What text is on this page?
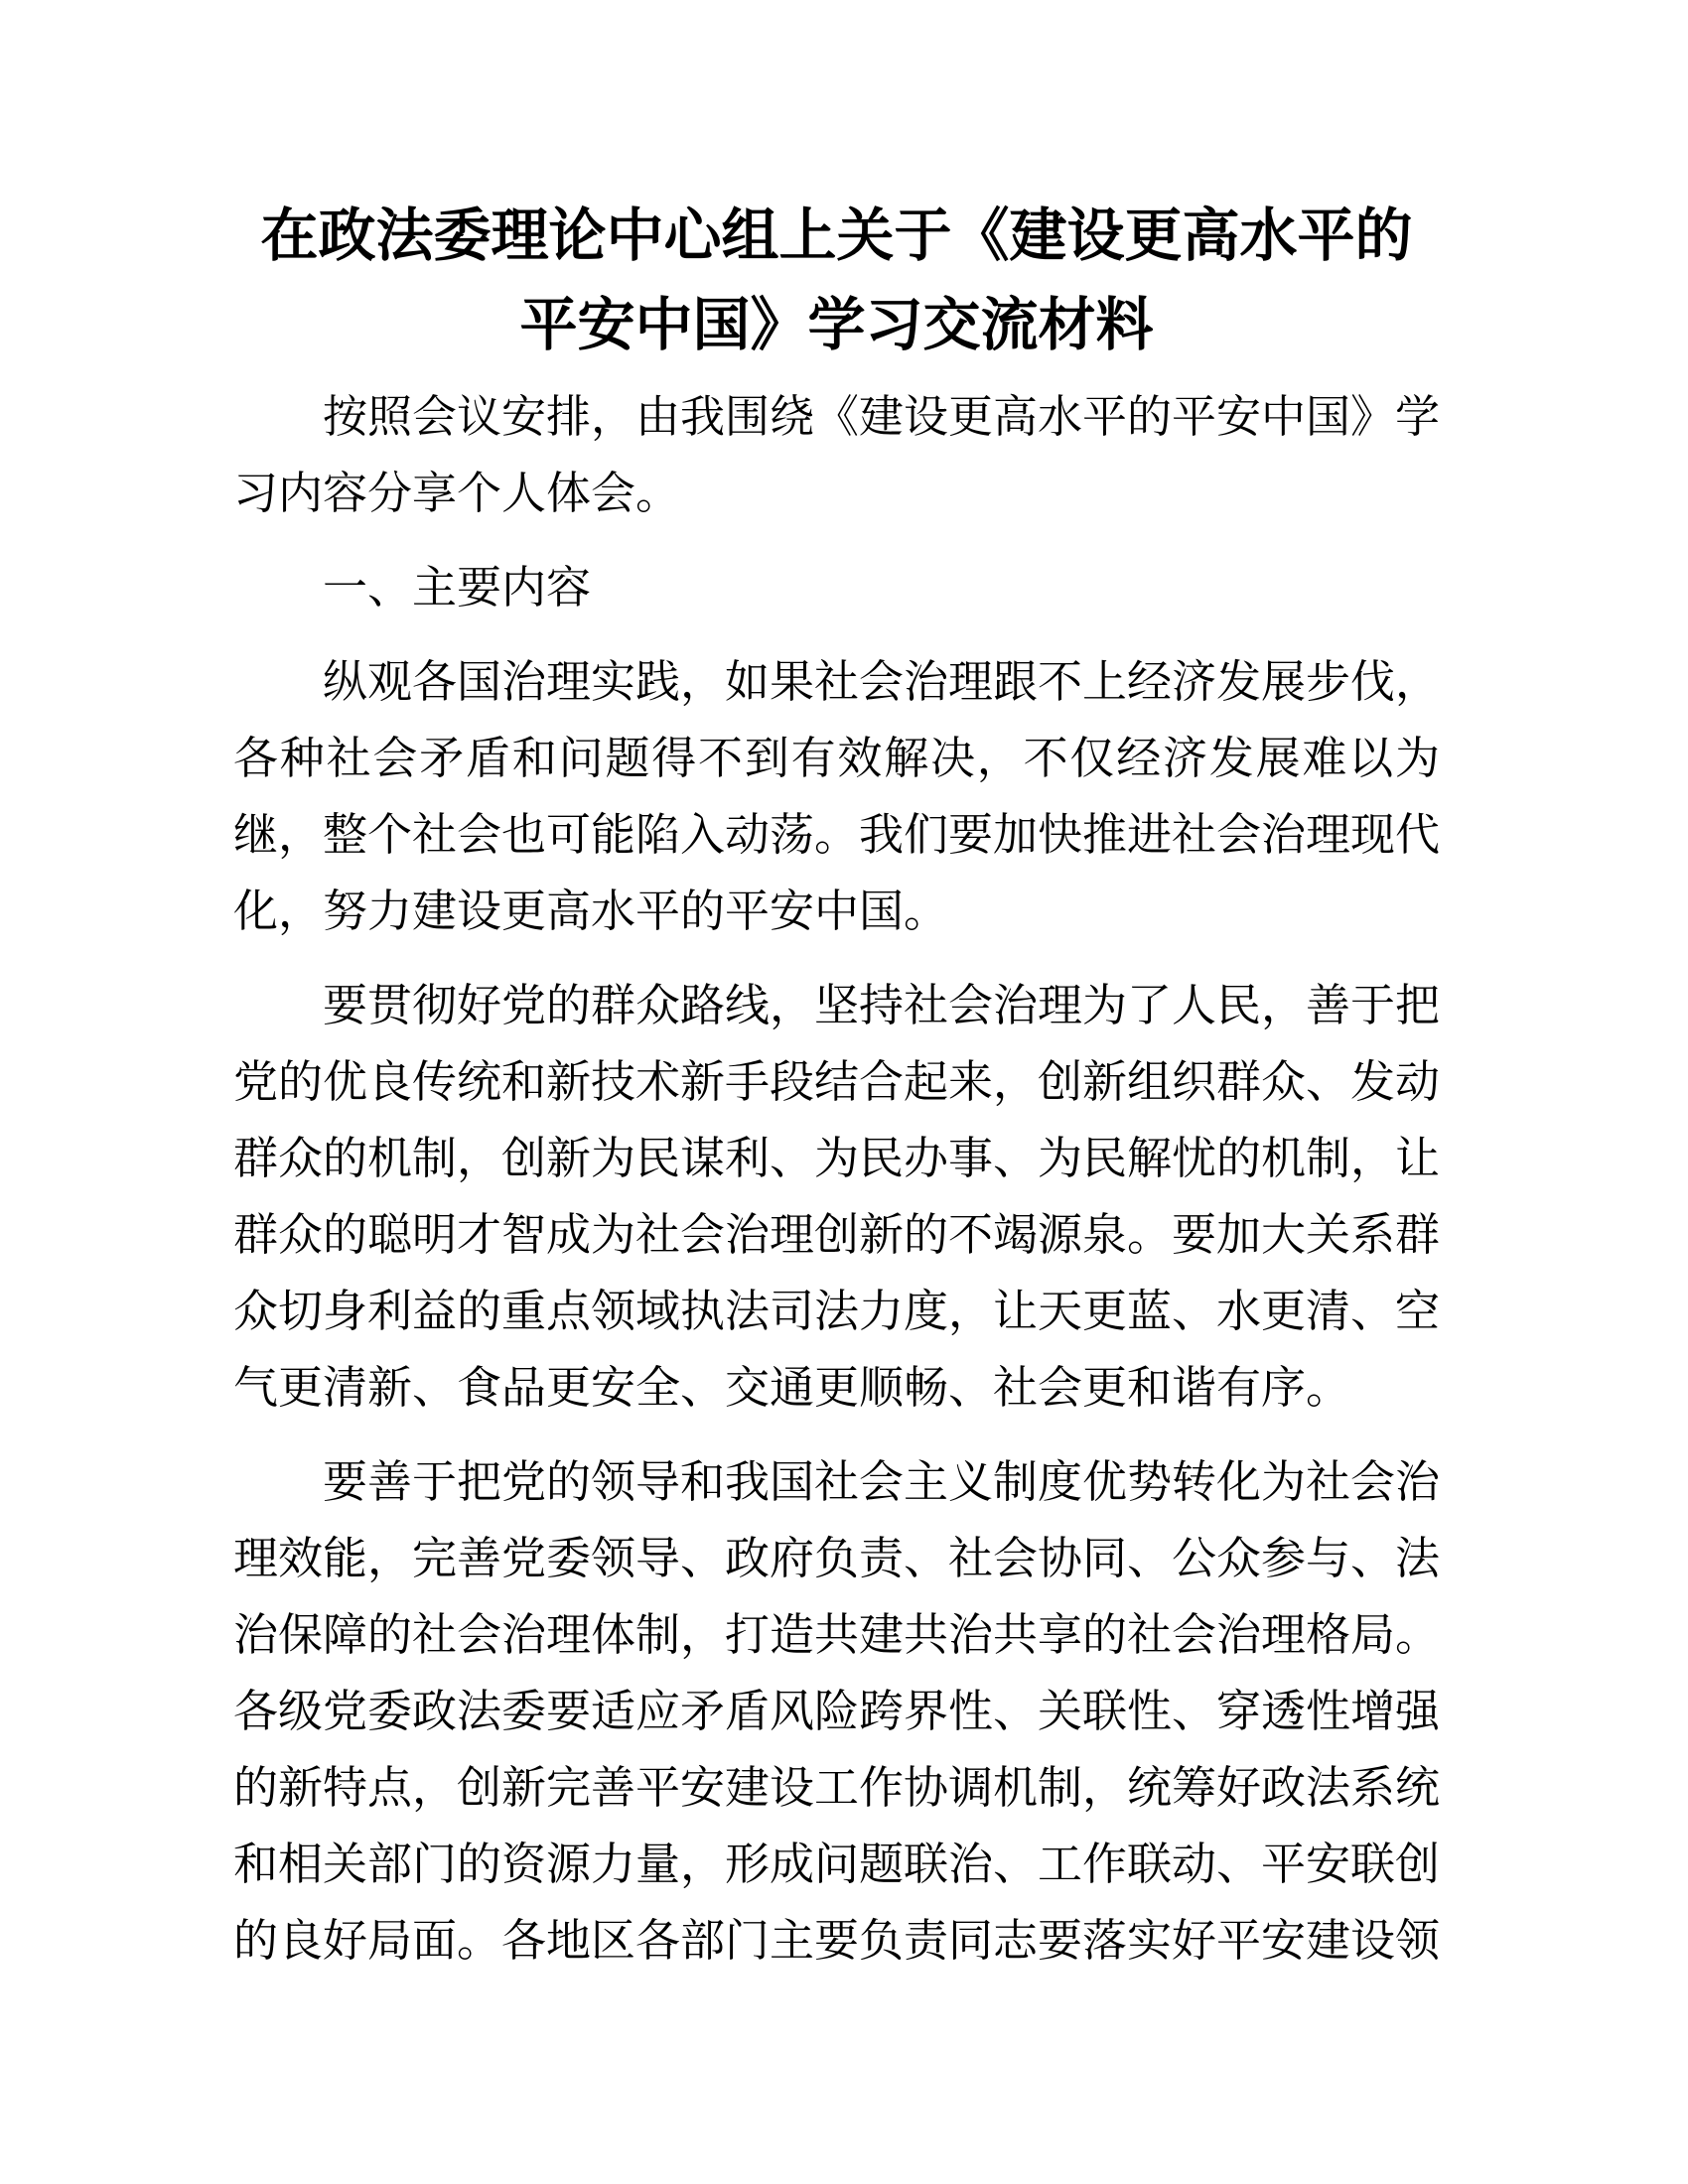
在政法委理论中心组上关于《建设更高水平的平安中国》学习交流材料

按照会议安排，由我围绕《建设更高水平的平安中国》学习内容分享个人体会。

一、主要内容

纵观各国治理实践，如果社会治理跟不上经济发展步伐，各种社会矛盾和问题得不到有效解决，不仅经济发展难以为继，整个社会也可能陷入动荡。我们要加快推进社会治理现代化，努力建设更高水平的平安中国。

要贯彻好党的群众路线，坚持社会治理为了人民，善于把党的优良传统和新技术新手段结合起来，创新组织群众、发动群众的机制，创新为民谋利、为民办事、为民解忧的机制，让群众的聪明才智成为社会治理创新的不竭源泉。要加大关系群众切身利益的重点领域执法司法力度，让天更蓝、水更清、空气更清新、食品更安全、交通更顺畅、社会更和谐有序。

要善于把党的领导和我国社会主义制度优势转化为社会治理效能，完善党委领导、政府负责、社会协同、公众参与、法治保障的社会治理体制，打造共建共治共享的社会治理格局。各级党委政法委要适应矛盾风险跨界性、关联性、穿透性增强的新特点，创新完善平安建设工作协调机制，统筹好政法系统和相关部门的资源力量，形成问题联治、工作联动、平安联创的良好局面。各地区各部门主要负责同志要落实好平安建设领
